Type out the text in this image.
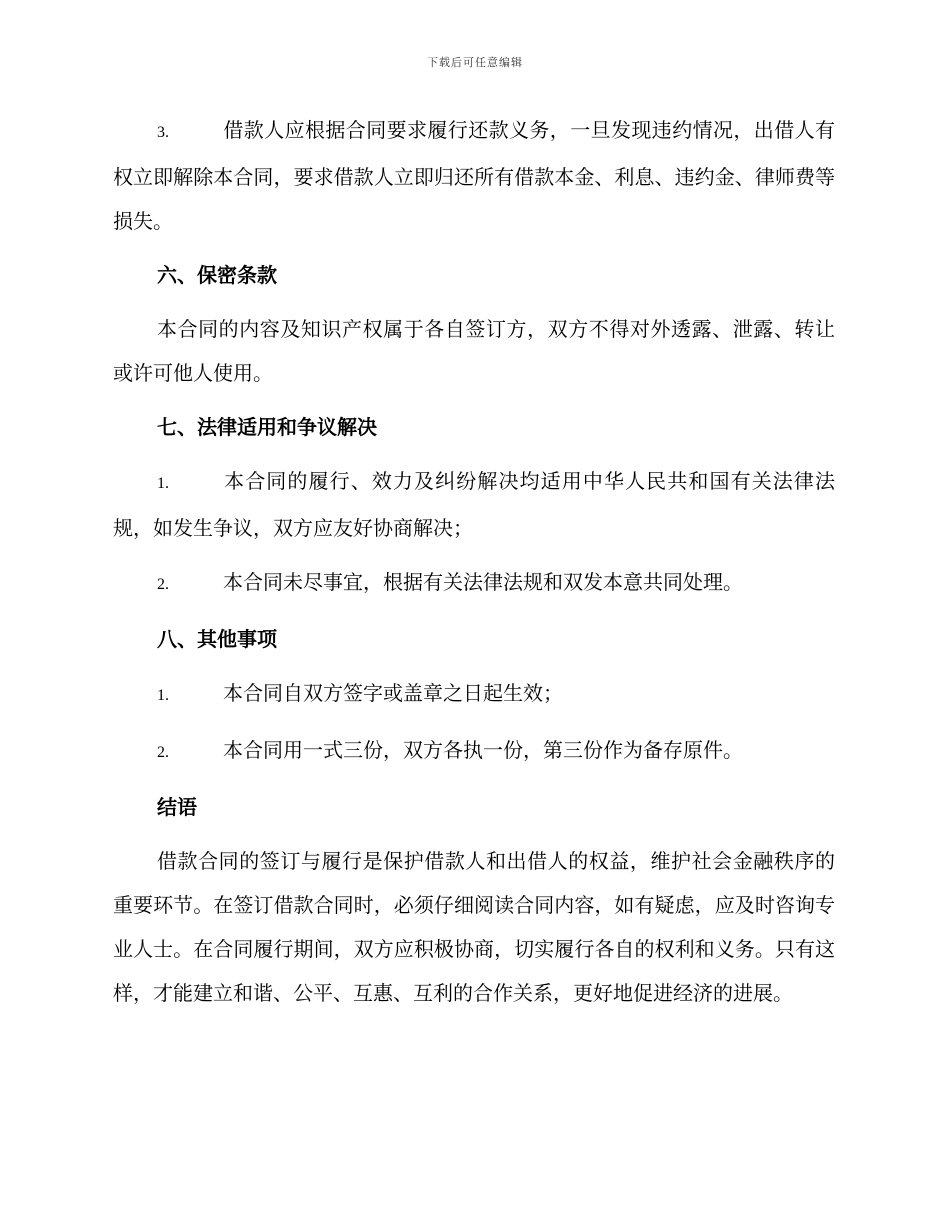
下载后可任意编辑
3.	借款人应根据合同要求履行还款义务，一旦发现违约情况，出借人有权立即解除本合同，要求借款人立即归还所有借款本金、利息、违约金、律师费等损失。
六、保密条款
本合同的内容及知识产权属于各自签订方，双方不得对外透露、泄露、转让或许可他人使用。
七、法律适用和争议解决
1.	本合同的履行、效力及纠纷解决均适用中华人民共和国有关法律法规，如发生争议，双方应友好协商解决；
2.	本合同未尽事宜，根据有关法律法规和双发本意共同处理。
八、其他事项
1.	本合同自双方签字或盖章之日起生效；
2.	本合同用一式三份，双方各执一份，第三份作为备存原件。
结语
借款合同的签订与履行是保护借款人和出借人的权益，维护社会金融秩序的重要环节。在签订借款合同时，必须仔细阅读合同内容，如有疑虑，应及时咨询专业人士。在合同履行期间，双方应积极协商，切实履行各自的权利和义务。只有这样，才能建立和谐、公平、互惠、互利的合作关系，更好地促进经济的进展。
